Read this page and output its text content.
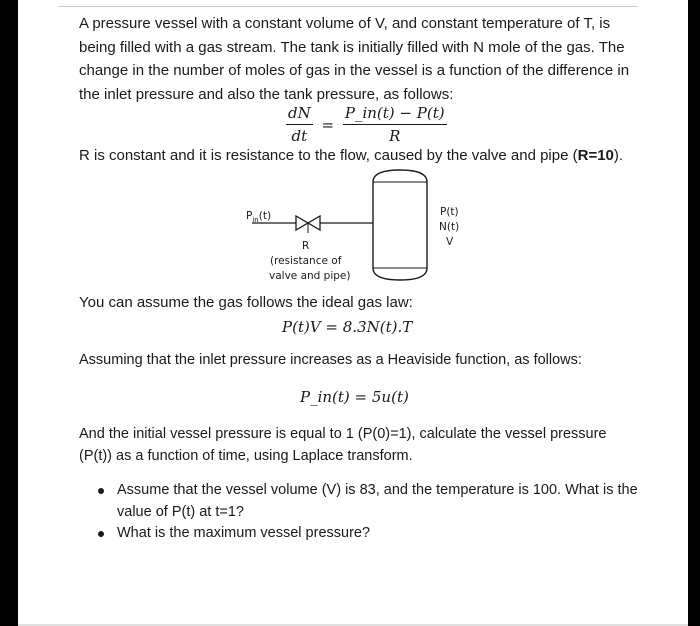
A pressure vessel with a constant volume of V, and constant temperature of T, is being filled with a gas stream. The tank is initially filled with N mole of the gas. The change in the number of moles of gas in the vessel is a function of the difference in the inlet pressure and also the tank pressure, as follows:

$\frac{dN}{dt} = \frac{P\_in(t) - P(t)}{R}$

R is constant and it is resistance to the flow, caused by the valve and pipe (R=10).

$P_{in}(t)$
R
(resistance of
valve and pipe)
P(t)
N(t)
V

You can assume the gas follows the ideal gas law:

P(t)V = 8.3N(t).T

Assuming that the inlet pressure increases as a Heaviside function, as follows:

P_in(t) = 5u(t)

And the initial vessel pressure is equal to 1 (P(0)=1), calculate the vessel pressure (P(t)) as a function of time, using Laplace transform.

Assume that the vessel volume (V) is 83, and the temperature is 100. What is the value of P(t) at t=1?
What is the maximum vessel pressure?
